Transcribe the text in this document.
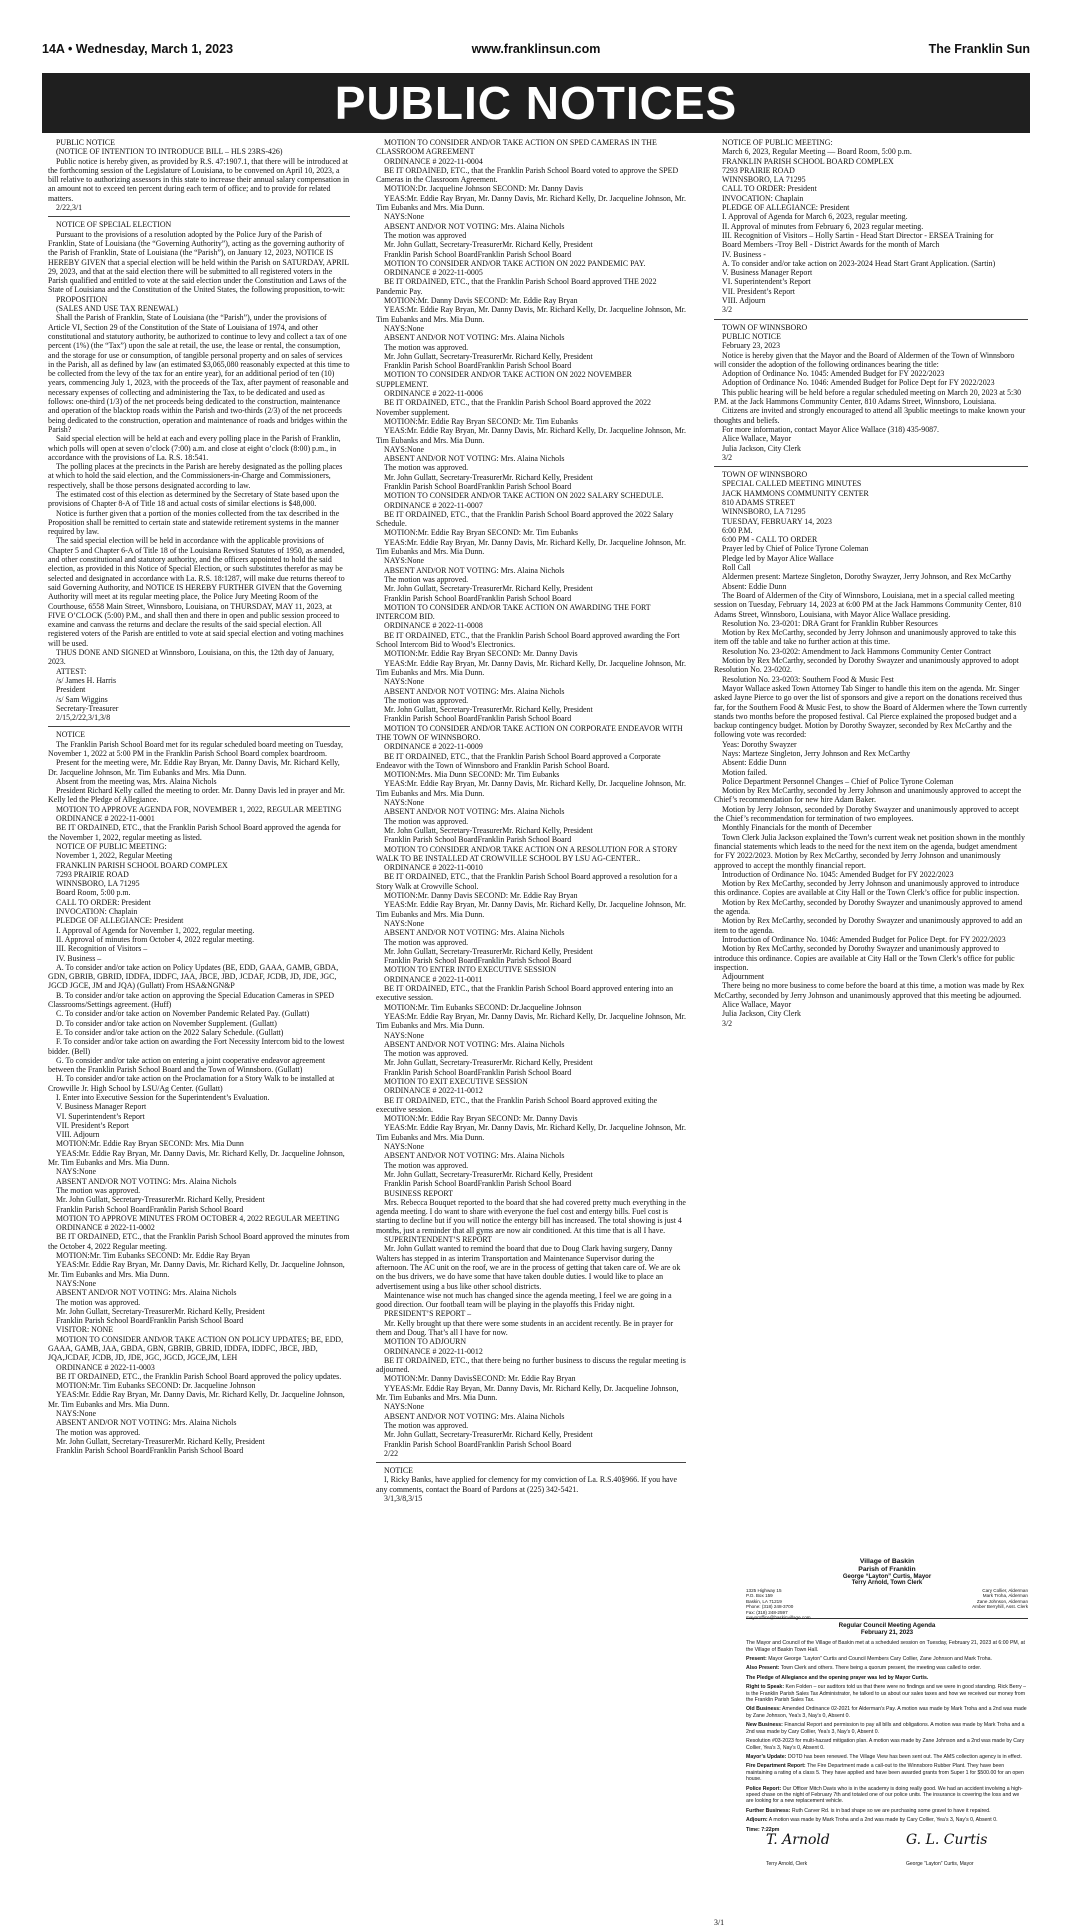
14A • Wednesday, March 1, 2023	www.franklinsun.com	The Franklin Sun
PUBLIC NOTICES

PUBLIC NOTICE

(NOTICE OF INTENTION TO INTRODUCE BILL – HLS 23RS-426)

Public notice is hereby given, as provided by R.S. 47:1907.1, that there will be introduced at the forthcoming session of the Legislature of Louisiana, to be convened on April 10, 2023, a bill relative to authorizing assessors in this state to increase their annual salary compensation in an amount not to exceed ten percent during each term of office; and to provide for related matters.

2/22,3/1

NOTICE OF SPECIAL ELECTION

Pursuant to the provisions of a resolution adopted by the Police Jury of the Parish of Franklin, State of Louisiana (the “Governing Authority”), acting as the governing authority of the Parish of Franklin, State of Louisiana (the “Parish”), on January 12, 2023, NOTICE IS HEREBY GIVEN that a special election will be held within the Parish on SATURDAY, APRIL 29, 2023, and that at the said election there will be submitted to all registered voters in the Parish qualified and entitled to vote at the said election under the Constitution and Laws of the State of Louisiana and the Constitution of the United States, the following proposition, to-wit:

PROPOSITION

(SALES AND USE TAX RENEWAL)

Shall the Parish of Franklin, State of Louisiana (the “Parish”), under the provisions of Article VI, Section 29 of the Constitution of the State of Louisiana of 1974, and other constitutional and statutory authority, be authorized to continue to levy and collect a tax of one percent (1%) (the “Tax”) upon the sale at retail, the use, the lease or rental, the consumption, and the storage for use or consumption, of tangible personal property and on sales of services in the Parish, all as defined by law (an estimated $3,065,080 reasonably expected at this time to be collected from the levy of the tax for an entire year), for an additional period of ten (10) years, commencing July 1, 2023, with the proceeds of the Tax, after payment of reasonable and necessary expenses of collecting and administering the Tax, to be dedicated and used as follows: one-third (1/3) of the net proceeds being dedicated to the construction, maintenance and operation of the blacktop roads within the Parish and two-thirds (2/3) of the net proceeds being dedicated to the construction, operation and maintenance of roads and bridges within the Parish?

Said special election will be held at each and every polling place in the Parish of Franklin, which polls will open at seven o’clock (7:00) a.m. and close at eight o’clock (8:00) p.m., in accordance with the provisions of La. R.S. 18:541.

The polling places at the precincts in the Parish are hereby designated as the polling places at which to hold the said election, and the Commissioners-in-Charge and Commissioners, respectively, shall be those persons designated according to law.

The estimated cost of this election as determined by the Secretary of State based upon the provisions of Chapter 8-A of Title 18 and actual costs of similar elections is $48,000.

Notice is further given that a portion of the monies collected from the tax described in the Proposition shall be remitted to certain state and statewide retirement systems in the manner required by law.

The said special election will be held in accordance with the applicable provisions of Chapter 5 and Chapter 6-A of Title 18 of the Louisiana Revised Statutes of 1950, as amended, and other constitutional and statutory authority, and the officers appointed to hold the said election, as provided in this Notice of Special Election, or such substitutes therefor as may be selected and designated in accordance with La. R.S. 18:1287, will make due returns thereof to said Governing Authority, and NOTICE IS HEREBY FURTHER GIVEN that the Governing Authority will meet at its regular meeting place, the Police Jury Meeting Room of the Courthouse, 6558 Main Street, Winnsboro, Louisiana, on THURSDAY, MAY 11, 2023, at FIVE O’CLOCK (5:00) P.M., and shall then and there in open and public session proceed to examine and canvass the returns and declare the results of the said special election. All registered voters of the Parish are entitled to vote at said special election and voting machines will be used.

THUS DONE AND SIGNED at Winnsboro, Louisiana, on this, the 12th day of January, 2023.

ATTEST:

/s/ James H. Harris

President

/s/ Sam Wiggins

Secretary-Treasurer

2/15,2/22,3/1,3/8

NOTICE

The Franklin Parish School Board met for its regular scheduled board meeting on Tuesday, November 1, 2022 at 5:00 PM in the Franklin Parish School Board complex boardroom.

Present for the meeting were, Mr. Eddie Ray Bryan, Mr. Danny Davis, Mr. Richard Kelly, Dr. Jacqueline Johnson, Mr. Tim Eubanks and Mrs. Mia Dunn.

Absent from the meeting was, Mrs. Alaina Nichols

President Richard Kelly called the meeting to order. Mr. Danny Davis led in prayer and Mr. Kelly led the Pledge of Allegiance.

MOTION TO APPROVE AGENDA FOR, NOVEMBER 1, 2022, REGULAR MEETING

ORDINANCE # 2022-11-0001

BE IT ORDAINED, ETC., that the Franklin Parish School Board approved the agenda for the November 1, 2022, regular meeting as listed.

NOTICE OF PUBLIC MEETING:

November 1, 2022, Regular Meeting

FRANKLIN PARISH SCHOOL BOARD COMPLEX

7293 PRAIRIE ROAD

WINNSBORO, LA 71295

Board Room, 5:00 p.m.

CALL TO ORDER: President

INVOCATION: Chaplain

PLEDGE OF ALLEGIANCE: President

I. Approval of Agenda for November 1, 2022, regular meeting.

II. Approval of minutes from October 4, 2022 regular meeting.

III. Recognition of Visitors –

IV. Business –

A. To consider and/or take action on Policy Updates (BE, EDD, GAAA, GAMB, GBDA, GDN, GBRIB, GBRID, IDDFA, IDDFC, JAA, JBCE, JBD, JCDAF, JCDB, JD, JDE, JGC, JGCD JGCE, JM and JQA) (Gullatt) From HSA&NGN&P

B. To consider and/or take action on approving the Special Education Cameras in SPED Classrooms/Settings agreement. (Huff)

C. To consider and/or take action on November Pandemic Related Pay. (Gullatt)

D. To consider and/or take action on November Supplement. (Gullatt)

E. To consider and/or take action on the 2022 Salary Schedule. (Gullatt)

F. To consider and/or take action on awarding the Fort Necessity Intercom bid to the lowest bidder. (Bell)

G. To consider and/or take action on entering a joint cooperative endeavor agreement between the Franklin Parish School Board and the Town of Winnsboro. (Gullatt)

H. To consider and/or take action on the Proclamation for a Story Walk to be installed at Crowville Jr. High School by LSU/Ag Center. (Gullatt)

I. Enter into Executive Session for the Superintendent’s Evaluation.

V. Business Manager Report

VI. Superintendent’s Report

VII. President’s Report

VIII. Adjourn

MOTION:Mr. Eddie Ray Bryan SECOND: Mrs. Mia Dunn

YEAS:Mr. Eddie Ray Bryan, Mr. Danny Davis, Mr. Richard Kelly, Dr. Jacqueline Johnson, Mr. Tim Eubanks and Mrs. Mia Dunn.

NAYS:None

ABSENT AND/OR NOT VOTING: Mrs. Alaina Nichols

The motion was approved.

Mr. John Gullatt, Secretary-TreasurerMr. Richard Kelly, President

Franklin Parish School BoardFranklin Parish School Board

MOTION TO APPROVE MINUTES FROM OCTOBER 4, 2022 REGULAR MEETING

ORDINANCE # 2022-11-0002

BE IT ORDAINED, ETC., that the Franklin Parish School Board approved the minutes from the October 4, 2022 Regular meeting.

MOTION:Mr. Tim Eubanks SECOND: Mr. Eddie Ray Bryan

YEAS:Mr. Eddie Ray Bryan, Mr. Danny Davis, Mr. Richard Kelly, Dr. Jacqueline Johnson, Mr. Tim Eubanks and Mrs. Mia Dunn.

NAYS:None

ABSENT AND/OR NOT VOTING: Mrs. Alaina Nichols

The motion was approved.

Mr. John Gullatt, Secretary-TreasurerMr. Richard Kelly, President

Franklin Parish School BoardFranklin Parish School Board

VISITOR: NONE

MOTION TO CONSIDER AND/OR TAKE ACTION ON POLICY UPDATES; BE, EDD, GAAA, GAMB, JAA, GBDA, GBN, GBRIB, GBRID, IDDFA, IDDFC, JBCE, JBD, JQA,JCDAF, JCDB, JD, JDE, JGC, JGCD, JGCE,JM, LEH

ORDINANCE # 2022-11-0003

BE IT ORDAINED, ETC., the Franklin Parish School Board approved the policy updates.

MOTION:Mr. Tim Eubanks SECOND: Dr. Jacqueline Johnson

YEAS:Mr. Eddie Ray Bryan, Mr. Danny Davis, Mr. Richard Kelly, Dr. Jacqueline Johnson, Mr. Tim Eubanks and Mrs. Mia Dunn.

NAYS:None

ABSENT AND/OR NOT VOTING: Mrs. Alaina Nichols

The motion was approved.

Mr. John Gullatt, Secretary-TreasurerMr. Richard Kelly, President

Franklin Parish School BoardFranklin Parish School Board

MOTION TO CONSIDER AND/OR TAKE ACTION ON SPED CAMERAS IN THE CLASSROOM AGREEMENT

ORDINANCE # 2022-11-0004

BE IT ORDAINED, ETC., that the Franklin Parish School Board voted to approve the SPED Cameras in the Classroom Agreement.

MOTION:Dr. Jacqueline Johnson SECOND: Mr. Danny Davis

YEAS:Mr. Eddie Ray Bryan, Mr. Danny Davis, Mr. Richard Kelly, Dr. Jacqueline Johnson, Mr. Tim Eubanks and Mrs. Mia Dunn.

NAYS:None

ABSENT AND/OR NOT VOTING: Mrs. Alaina Nichols

The motion was approved

Mr. John Gullatt, Secretary-TreasurerMr. Richard Kelly, President

Franklin Parish School BoardFranklin Parish School Board

MOTION TO CONSIDER AND/OR TAKE ACTION ON 2022 PANDEMIC PAY.

ORDINANCE # 2022-11-0005

BE IT ORDAINED, ETC., that the Franklin Parish School Board approved THE 2022 Pandemic Pay.

MOTION:Mr. Danny Davis SECOND: Mr. Eddie Ray Bryan

YEAS:Mr. Eddie Ray Bryan, Mr. Danny Davis, Mr. Richard Kelly, Dr. Jacqueline Johnson, Mr. Tim Eubanks and Mrs. Mia Dunn.

NAYS:None

ABSENT AND/OR NOT VOTING: Mrs. Alaina Nichols

The motion was approved.

Mr. John Gullatt, Secretary-TreasurerMr. Richard Kelly, President

Franklin Parish School BoardFranklin Parish School Board

MOTION TO CONSIDER AND/OR TAKE ACTION ON 2022 NOVEMBER SUPPLEMENT.

ORDINANCE # 2022-11-0006

BE IT ORDAINED, ETC., that the Franklin Parish School Board approved the 2022 November supplement.

MOTION:Mr. Eddie Ray Bryan SECOND: Mr. Tim Eubanks

YEAS:Mr. Eddie Ray Bryan, Mr. Danny Davis, Mr. Richard Kelly, Dr. Jacqueline Johnson, Mr. Tim Eubanks and Mrs. Mia Dunn.

NAYS:None

ABSENT AND/OR NOT VOTING: Mrs. Alaina Nichols

The motion was approved.

Mr. John Gullatt, Secretary-TreasurerMr. Richard Kelly, President

Franklin Parish School BoardFranklin Parish School Board

MOTION TO CONSIDER AND/OR TAKE ACTION ON 2022 SALARY SCHEDULE.

ORDINANCE # 2022-11-0007

BE IT ORDAINED, ETC., that the Franklin Parish School Board approved the 2022 Salary Schedule.

MOTION:Mr. Eddie Ray Bryan SECOND: Mr. Tim Eubanks

YEAS:Mr. Eddie Ray Bryan, Mr. Danny Davis, Mr. Richard Kelly, Dr. Jacqueline Johnson, Mr. Tim Eubanks and Mrs. Mia Dunn.

NAYS:None

ABSENT AND/OR NOT VOTING: Mrs. Alaina Nichols

The motion was approved.

Mr. John Gullatt, Secretary-TreasurerMr. Richard Kelly, President

Franklin Parish School BoardFranklin Parish School Board

MOTION TO CONSIDER AND/OR TAKE ACTION ON AWARDING THE FORT INTERCOM BID.

ORDINANCE # 2022-11-0008

BE IT ORDAINED, ETC., that the Franklin Parish School Board approved awarding the Fort School Intercom Bid to Wood’s Electronics.

MOTION:Mr. Eddie Ray Bryan SECOND: Mr. Danny Davis

YEAS:Mr. Eddie Ray Bryan, Mr. Danny Davis, Mr. Richard Kelly, Dr. Jacqueline Johnson, Mr. Tim Eubanks and Mrs. Mia Dunn.

NAYS:None

ABSENT AND/OR NOT VOTING: Mrs. Alaina Nichols

The motion was approved.

Mr. John Gullatt, Secretary-TreasurerMr. Richard Kelly, President

Franklin Parish School BoardFranklin Parish School Board

MOTION TO CONSIDER AND/OR TAKE ACTION ON CORPORATE ENDEAVOR WITH THE TOWN OF WINNSBORO.

ORDINANCE # 2022-11-0009

BE IT ORDAINED, ETC., that the Franklin Parish School Board approved a Corporate Endeavor with the Town of Winnsboro and Franklin Parish School Board.

MOTION:Mrs. Mia Dunn SECOND: Mr. Tim Eubanks

YEAS:Mr. Eddie Ray Bryan, Mr. Danny Davis, Mr. Richard Kelly, Dr. Jacqueline Johnson, Mr. Tim Eubanks and Mrs. Mia Dunn.

NAYS:None

ABSENT AND/OR NOT VOTING: Mrs. Alaina Nichols

The motion was approved.

Mr. John Gullatt, Secretary-TreasurerMr. Richard Kelly, President

Franklin Parish School BoardFranklin Parish School Board

MOTION TO CONSIDER AND/OR TAKE ACTION ON A RESOLUTION FOR A STORY WALK TO BE INSTALLED AT CROWVILLE SCHOOL BY LSU AG-CENTER..

ORDINANCE # 2022-11-0010

BE IT ORDAINED, ETC., that the Franklin Parish School Board approved a resolution for a Story Walk at Crowville School.

MOTION:Mr. Danny Davis SECOND: Mr. Eddie Ray Bryan

YEAS:Mr. Eddie Ray Bryan, Mr. Danny Davis, Mr. Richard Kelly, Dr. Jacqueline Johnson, Mr. Tim Eubanks and Mrs. Mia Dunn.

NAYS:None

ABSENT AND/OR NOT VOTING: Mrs. Alaina Nichols

The motion was approved.

Mr. John Gullatt, Secretary-TreasurerMr. Richard Kelly, President

Franklin Parish School BoardFranklin Parish School Board

MOTION TO ENTER INTO EXECUTIVE SESSION

ORDINANCE # 2022-11-0011

BE IT ORDAINED, ETC., that the Franklin Parish School Board approved entering into an executive session.

MOTION:Mr. Tim Eubanks SECOND: Dr.Jacqueline Johnson

YEAS:Mr. Eddie Ray Bryan, Mr. Danny Davis, Mr. Richard Kelly, Dr. Jacqueline Johnson, Mr. Tim Eubanks and Mrs. Mia Dunn.

NAYS:None

ABSENT AND/OR NOT VOTING: Mrs. Alaina Nichols

The motion was approved.

Mr. John Gullatt, Secretary-TreasurerMr. Richard Kelly, President

Franklin Parish School BoardFranklin Parish School Board

MOTION TO EXIT EXECUTIVE SESSION

ORDINANCE # 2022-11-0012

BE IT ORDAINED, ETC., that the Franklin Parish School Board approved exiting the executive session.

MOTION:Mr. Eddie Ray Bryan SECOND: Mr. Danny Davis

YEAS:Mr. Eddie Ray Bryan, Mr. Danny Davis, Mr. Richard Kelly, Dr. Jacqueline Johnson, Mr. Tim Eubanks and Mrs. Mia Dunn.

NAYS:None

ABSENT AND/OR NOT VOTING: Mrs. Alaina Nichols

The motion was approved.

Mr. John Gullatt, Secretary-TreasurerMr. Richard Kelly, President

Franklin Parish School BoardFranklin Parish School Board

BUSINESS REPORT

Mrs. Rebecca Bouquet reported to the board that she had covered pretty much everything in the agenda meeting. I do want to share with everyone the fuel cost and entergy bills. Fuel cost is starting to decline but if you will notice the entergy bill has increased. The total showing is just 4 months, just a reminder that all gyms are now air conditioned. At this time that is all I have.

SUPERINTENDENT’S REPORT

Mr. John Gullatt wanted to remind the board that due to Doug Clark having surgery, Danny Walters has stepped in as interim Transportation and Maintenance Supervisor during the afternoon. The AC unit on the roof, we are in the process of getting that taken care of. We are ok on the bus drivers, we do have some that have taken double duties. I would like to place an advertisement using a bus like other school districts.

Maintenance wise not much has changed since the agenda meeting, I feel we are going in a good direction. Our football team will be playing in the playoffs this Friday night.

PRESIDENT’S REPORT –

Mr. Kelly brought up that there were some students in an accident recently. Be in prayer for them and Doug. That’s all I have for now.

MOTION TO ADJOURN

ORDINANCE # 2022-11-0012

BE IT ORDAINED, ETC., that there being no further business to discuss the regular meeting is adjourned.

MOTION:Mr. Danny DavisSECOND: Mr. Eddie Ray Bryan

YYEAS:Mr. Eddie Ray Bryan, Mr. Danny Davis, Mr. Richard Kelly, Dr. Jacqueline Johnson, Mr. Tim Eubanks and Mrs. Mia Dunn.

NAYS:None

ABSENT AND/OR NOT VOTING: Mrs. Alaina Nichols

The motion was approved.

Mr. John Gullatt, Secretary-TreasurerMr. Richard Kelly, President

Franklin Parish School BoardFranklin Parish School Board

2/22

NOTICE

I, Ricky Banks, have applied for clemency for my conviction of La. R.S.40§966. If you have any comments, contact the Board of Pardons at (225) 342-5421.

3/1,3/8,3/15

NOTICE OF PUBLIC MEETING:

March 6, 2023, Regular Meeting — Board Room, 5:00 p.m.

FRANKLIN PARISH SCHOOL BOARD COMPLEX

7293 PRAIRIE ROAD

WINNSBORO, LA 71295

CALL TO ORDER: President

INVOCATION: Chaplain

PLEDGE OF ALLEGIANCE: President

I. Approval of Agenda for March 6, 2023, regular meeting.

II. Approval of minutes from February 6, 2023 regular meeting.

III. Recognition of Visitors – Holly Sartin - Head Start Director - ERSEA Training for

Board Members -Troy Bell - District Awards for the month of March

IV. Business -

A. To consider and/or take action on 2023-2024 Head Start Grant Application. (Sartin)

V. Business Manager Report

VI. Superintendent’s Report

VII. President’s Report

VIII. Adjourn

3/2

TOWN OF WINNSBORO

PUBLIC NOTICE

February 23, 2023

Notice is hereby given that the Mayor and the Board of Aldermen of the Town of Winnsboro will consider the adoption of the following ordinances bearing the title:

Adoption of Ordinance No. 1045: Amended Budget for FY 2022/2023

Adoption of Ordinance No. 1046: Amended Budget for Police Dept for FY 2022/2023

This public hearing will be held before a regular scheduled meeting on March 20, 2023 at 5:30 P.M. at the Jack Hammons Community Center, 810 Adams Street, Winnsboro, Louisiana.

Citizens are invited and strongly encouraged to attend all 3public meetings to make known your thoughts and beliefs.

For more information, contact Mayor Alice Wallace (318) 435-9087.

Alice Wallace, Mayor

Julia Jackson, City Clerk

3/2

TOWN OF WINNSBORO

SPECIAL CALLED MEETING MINUTES

JACK HAMMONS COMMUNITY CENTER

810 ADAMS STREET

WINNSBORO, LA 71295

TUESDAY, FEBRUARY 14, 2023

6:00 P.M.

6:00 PM - CALL TO ORDER

Prayer led by Chief of Police Tyrone Coleman

Pledge led by Mayor Alice Wallace

Roll Call

Aldermen present: Marteze Singleton, Dorothy Swayzer, Jerry Johnson, and Rex McCarthy

Absent: Eddie Dunn

The Board of Aldermen of the City of Winnsboro, Louisiana, met in a special called meeting session on Tuesday, February 14, 2023 at 6:00 PM at the Jack Hammons Community Center, 810 Adams Street, Winnsboro, Louisiana, with Mayor Alice Wallace presiding.

Resolution No. 23-0201: DRA Grant for Franklin Rubber Resources

Motion by Rex McCarthy, seconded by Jerry Johnson and unanimously approved to take this item off the table and take no further action at this time.

Resolution No. 23-0202: Amendment to Jack Hammons Community Center Contract

Motion by Rex McCarthy, seconded by Dorothy Swayzer and unanimously approved to adopt Resolution No. 23-0202.

Resolution No. 23-0203: Southern Food & Music Fest

Mayor Wallace asked Town Attorney Tab Singer to handle this item on the agenda. Mr. Singer asked Jayne Pierce to go over the list of sponsors and give a report on the donations received thus far, for the Southern Food & Music Fest, to show the Board of Aldermen where the Town currently stands two months before the proposed festival. Cal Pierce explained the proposed budget and a backup contingency budget. Motion by Dorothy Swayzer, seconded by Rex McCarthy and the following vote was recorded:

Yeas: Dorothy Swayzer

Nays: Marteze Singleton, Jerry Johnson and Rex McCarthy

Absent: Eddie Dunn

Motion failed.

Police Department Personnel Changes – Chief of Police Tyrone Coleman

Motion by Rex McCarthy, seconded by Jerry Johnson and unanimously approved to accept the Chief’s recommendation for new hire Adam Baker.

Motion by Jerry Johnson, seconded by Dorothy Swayzer and unanimously approved to accept the Chief’s recommendation for termination of two employees.

Monthly Financials for the month of December

Town Clerk Julia Jackson explained the Town’s current weak net position shown in the monthly financial statements which leads to the need for the next item on the agenda, budget amendment for FY 2022/2023. Motion by Rex McCarthy, seconded by Jerry Johnson and unanimously approved to accept the monthly financial report.

Introduction of Ordinance No. 1045: Amended Budget for FY 2022/2023

Motion by Rex McCarthy, seconded by Jerry Johnson and unanimously approved to introduce this ordinance. Copies are available at City Hall or the Town Clerk’s office for public inspection.

Motion by Rex McCarthy, seconded by Dorothy Swayzer and unanimously approved to amend the agenda.

Motion by Rex McCarthy, seconded by Dorothy Swayzer and unanimously approved to add an item to the agenda.

Introduction of Ordinance No. 1046: Amended Budget for Police Dept. for FY 2022/2023

Motion by Rex McCarthy, seconded by Dorothy Swayzer and unanimously approved to introduce this ordinance. Copies are available at City Hall or the Town Clerk’s office for public inspection.

Adjournment

There being no more business to come before the board at this time, a motion was made by Rex McCarthy, seconded by Jerry Johnson and unanimously approved that this meeting be adjourned.

Alice Wallace, Mayor

Julia Jackson, City Clerk

3/2

Village of Baskin
Parish of Franklin
George “Layton” Curtis, Mayor
Terry Arnold, Town Clerk
1325 Highway 15
P.O. Box 159
Baskin, LA 71219
Phone: (318) 248-3700
Fax: (318) 248-2597
mayoroffice@baskinvillage.com
Cary Collier, Alderman
Mark Troha, Alderman
Zane Johnson, Alderman
Amber Berryhill, Asst. Clerk
Regular Council Meeting Agenda
February 21, 2023

The Mayor and Council of the Village of Baskin met at a scheduled session on Tuesday, February 21, 2023 at 6:00 PM, at the Village of Baskin Town Hall.

Present: Mayor George “Layton” Curtis and Council Members Cary Collier, Zane Johnson and Mark Troha.

Also Present: Town Clerk and others. There being a quorum present, the meeting was called to order.

The Pledge of Allegiance and the opening prayer was led by Mayor Curtis.

Right to Speak: Ken Folden – our auditors told us that there were no findings and we were in good standing. Rick Berry – is the Franklin Parish Sales Tax Administrator, he talked to us about our sales taxes and how we received our money from the Franklin Parish Sales Tax.

Old Business: Amended Ordinance 02-2021 for Alderman’s Pay. A motion was made by Mark Troha and a 2nd was made by Zane Johnson, Yea’s 3, Nay’s 0, Absent 0.

New Business: Financial Report and permission to pay all bills and obligations. A motion was made by Mark Troha and a 2nd was made by Cary Collier, Yea’s 3, Nay’s 0, Absent 0.

Resolution #03-2023 for multi-hazard mitigation plan. A motion was made by Zane Johnson and a 2nd was made by Cary Collier, Yea’s 3, Nay’s 0, Absent 0.

Mayor’s Update: DOTD has been renewed. The Village View has been sent out. The AMS collection agency is in effect.

Fire Department Report: The Fire Department made a call-out to the Winnsboro Rubber Plant. They have been maintaining a rating of a class 5. They have applied and have been awarded grants from Super 1 for $500.00 for an open house.

Police Report: Our Officer Mitch Davis who is in the academy is doing really good. We had an accident involving a high-speed chase on the night of February 7th and totaled one of our police units. The insurance is covering the loss and we are looking for a new replacement vehicle.

Further Business: Ruth Carver Rd. is in bad shape so we are purchasing some gravel to have it repaired.

Adjourn: A motion was made by Mark Troha and a 2nd was made by Cary Collier, Yea’s 3, Nay’s 0, Absent 0.

Time: 7:22pm

T. Arnold	G. L. Curtis
Terry Arnold, Clerk	George “Layton” Curtis, Mayor
3/1
